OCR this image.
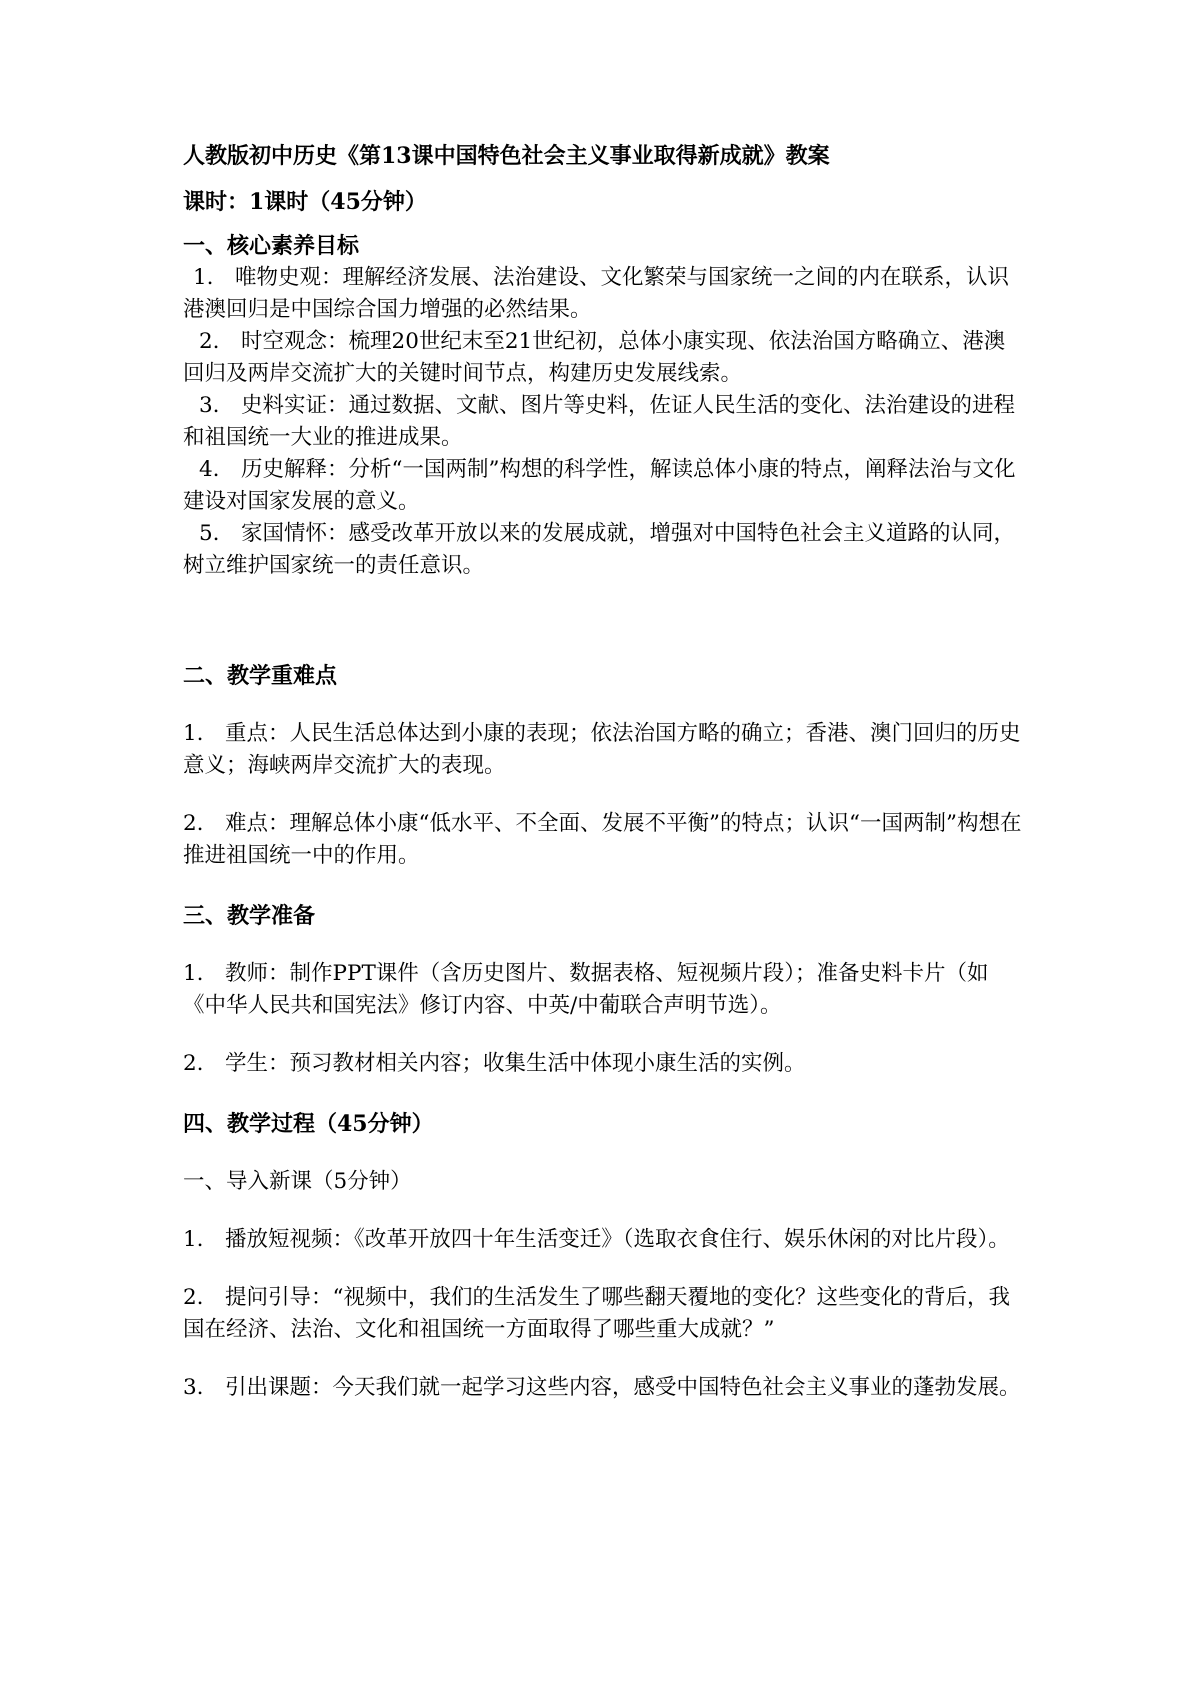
人教版初中历史《第13课中国特色社会主义事业取得新成就》教案

课时：1课时（45分钟）

一、核心素养目标

1.　唯物史观：理解经济发展、法治建设、文化繁荣与国家统一之间的内在联系，认识港澳回归是中国综合国力增强的必然结果。

2.　时空观念：梳理20世纪末至21世纪初，总体小康实现、依法治国方略确立、港澳回归及两岸交流扩大的关键时间节点，构建历史发展线索。

3.　史料实证：通过数据、文献、图片等史料，佐证人民生活的变化、法治建设的进程和祖国统一大业的推进成果。

4.　历史解释：分析“一国两制”构想的科学性，解读总体小康的特点，阐释法治与文化建设对国家发展的意义。

5.　家国情怀：感受改革开放以来的发展成就，增强对中国特色社会主义道路的认同，树立维护国家统一的责任意识。

二、教学重难点

1.　重点：人民生活总体达到小康的表现；依法治国方略的确立；香港、澳门回归的历史意义；海峡两岸交流扩大的表现。

2.　难点：理解总体小康“低水平、不全面、发展不平衡”的特点；认识“一国两制”构想在推进祖国统一中的作用。

三、教学准备

1.　教师：制作PPT课件（含历史图片、数据表格、短视频片段）；准备史料卡片（如《中华人民共和国宪法》修订内容、中英/中葡联合声明节选）。

2.　学生：预习教材相关内容；收集生活中体现小康生活的实例。

四、教学过程（45分钟）

一、导入新课（5分钟）

1.　播放短视频：《改革开放四十年生活变迁》（选取衣食住行、娱乐休闲的对比片段）。

2.　提问引导：“视频中，我们的生活发生了哪些翻天覆地的变化？这些变化的背后，我国在经济、法治、文化和祖国统一方面取得了哪些重大成就？”

3.　引出课题：今天我们就一起学习这些内容，感受中国特色社会主义事业的蓬勃发展。
